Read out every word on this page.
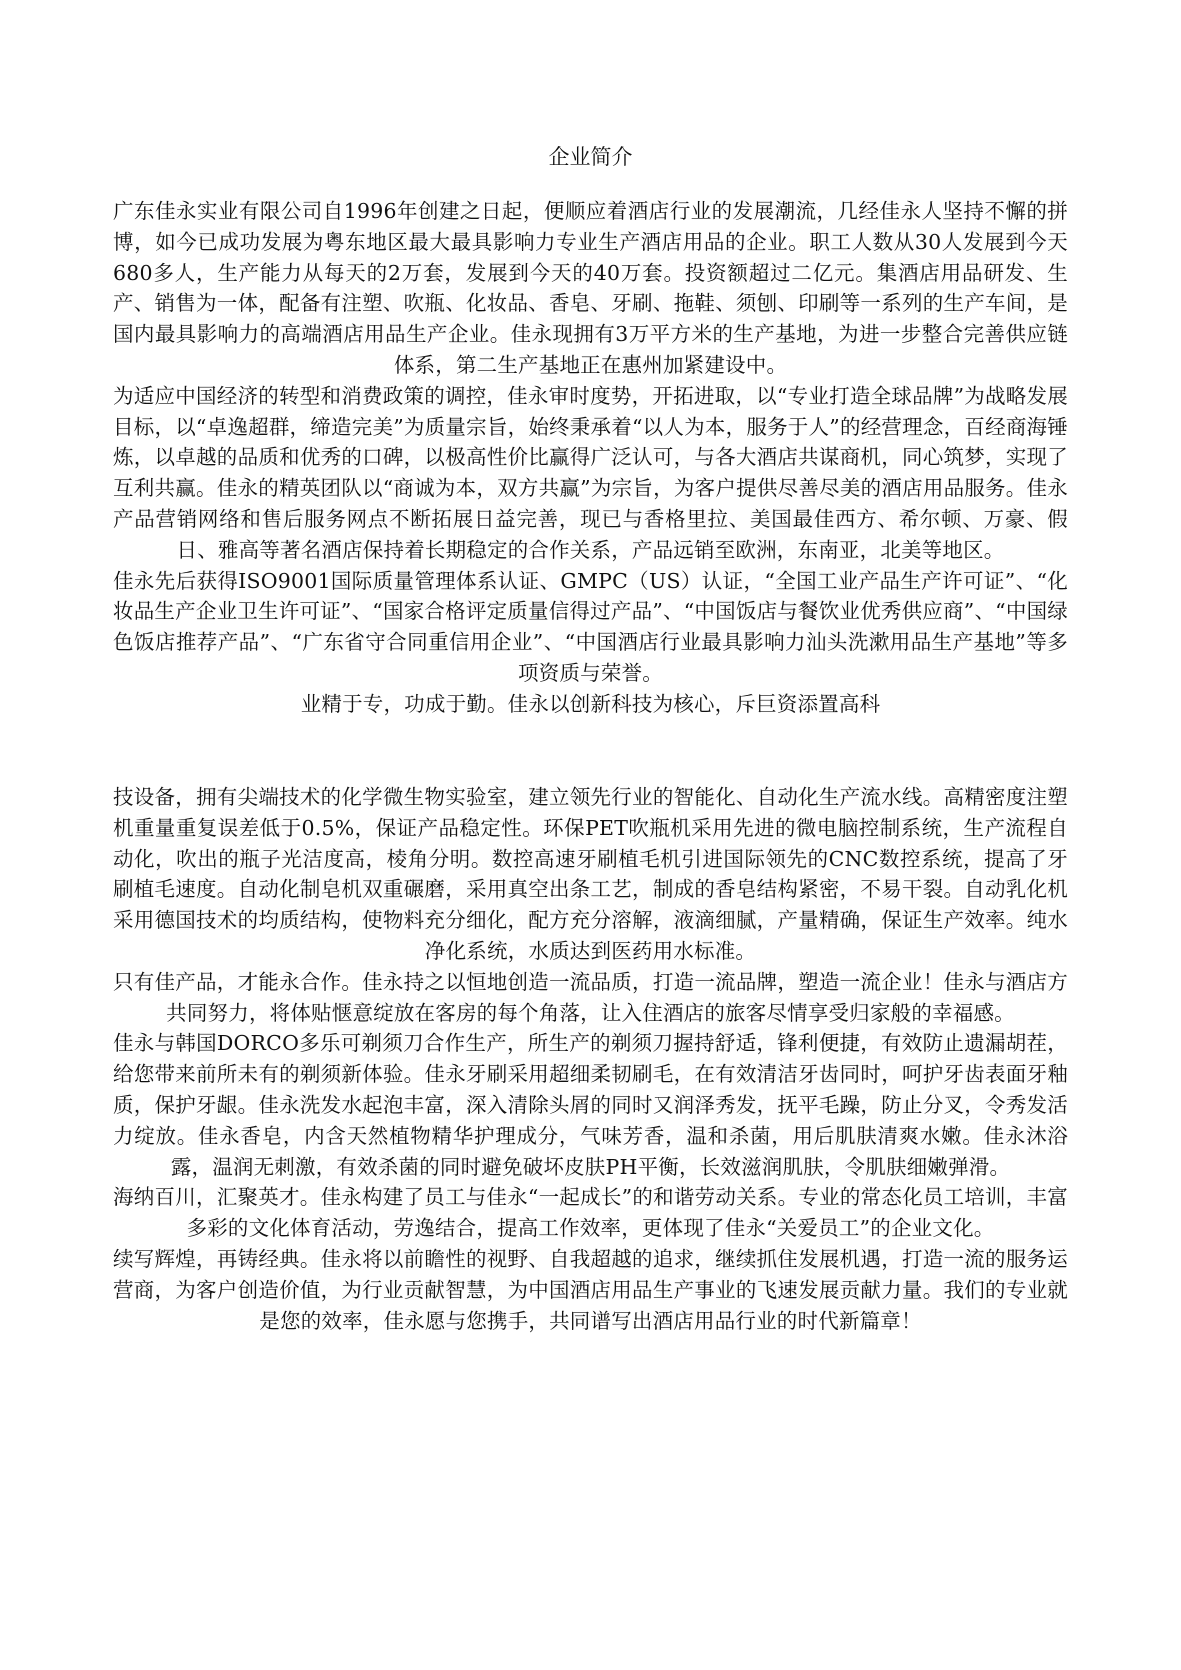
企业简介

广东佳永实业有限公司自1996年创建之日起，便顺应着酒店行业的发展潮流，几经佳永人坚持不懈的拼博，如今已成功发展为粤东地区最大最具影响力专业生产酒店用品的企业。职工人数从30人发展到今天680多人，生产能力从每天的2万套，发展到今天的40万套。投资额超过二亿元。集酒店用品研发、生产、销售为一体，配备有注塑、吹瓶、化妆品、香皂、牙刷、拖鞋、须刨、印刷等一系列的生产车间，是国内最具影响力的高端酒店用品生产企业。佳永现拥有3万平方米的生产基地，为进一步整合完善供应链体系，第二生产基地正在惠州加紧建设中。

为适应中国经济的转型和消费政策的调控，佳永审时度势，开拓进取，以“专业打造全球品牌”为战略发展目标，以“卓逸超群，缔造完美”为质量宗旨，始终秉承着“以人为本，服务于人”的经营理念，百经商海锤炼，以卓越的品质和优秀的口碑，以极高性价比赢得广泛认可，与各大酒店共谋商机，同心筑梦，实现了互利共赢。佳永的精英团队以“商诚为本，双方共赢”为宗旨，为客户提供尽善尽美的酒店用品服务。佳永产品营销网络和售后服务网点不断拓展日益完善，现已与香格里拉、美国最佳西方、希尔顿、万豪、假日、雅高等著名酒店保持着长期稳定的合作关系，产品远销至欧洲，东南亚，北美等地区。

佳永先后获得ISO9001国际质量管理体系认证、GMPC（US）认证，“全国工业产品生产许可证”、“化妆品生产企业卫生许可证”、“国家合格评定质量信得过产品”、“中国饭店与餐饮业优秀供应商”、“中国绿色饭店推荐产品”、“广东省守合同重信用企业”、“中国酒店行业最具影响力汕头洗漱用品生产基地”等多项资质与荣誉。

业精于专，功成于勤。佳永以创新科技为核心，斥巨资添置高科

技设备，拥有尖端技术的化学微生物实验室，建立领先行业的智能化、自动化生产流水线。高精密度注塑机重量重复误差低于0.5%，保证产品稳定性。环保PET吹瓶机采用先进的微电脑控制系统，生产流程自动化，吹出的瓶子光洁度高，棱角分明。数控高速牙刷植毛机引进国际领先的CNC数控系统，提高了牙刷植毛速度。自动化制皂机双重碾磨，采用真空出条工艺，制成的香皂结构紧密，不易干裂。自动乳化机采用德国技术的均质结构，使物料充分细化，配方充分溶解，液滴细腻，产量精确，保证生产效率。纯水净化系统，水质达到医药用水标准。

只有佳产品，才能永合作。佳永持之以恒地创造一流品质，打造一流品牌，塑造一流企业！佳永与酒店方共同努力，将体贴惬意绽放在客房的每个角落，让入住酒店的旅客尽情享受归家般的幸福感。

佳永与韩国DORCO多乐可剃须刀合作生产，所生产的剃须刀握持舒适，锋利便捷，有效防止遗漏胡茬，给您带来前所未有的剃须新体验。佳永牙刷采用超细柔韧刷毛，在有效清洁牙齿同时，呵护牙齿表面牙釉质，保护牙龈。佳永洗发水起泡丰富，深入清除头屑的同时又润泽秀发，抚平毛躁，防止分叉，令秀发活力绽放。佳永香皂，内含天然植物精华护理成分，气味芳香，温和杀菌，用后肌肤清爽水嫩。佳永沐浴露，温润无刺激，有效杀菌的同时避免破坏皮肤PH平衡，长效滋润肌肤，令肌肤细嫩弹滑。

海纳百川，汇聚英才。佳永构建了员工与佳永“一起成长”的和谐劳动关系。专业的常态化员工培训，丰富多彩的文化体育活动，劳逸结合，提高工作效率，更体现了佳永“关爱员工”的企业文化。

续写辉煌，再铸经典。佳永将以前瞻性的视野、自我超越的追求，继续抓住发展机遇，打造一流的服务运营商，为客户创造价值，为行业贡献智慧，为中国酒店用品生产事业的飞速发展贡献力量。我们的专业就是您的效率，佳永愿与您携手，共同谱写出酒店用品行业的时代新篇章！
